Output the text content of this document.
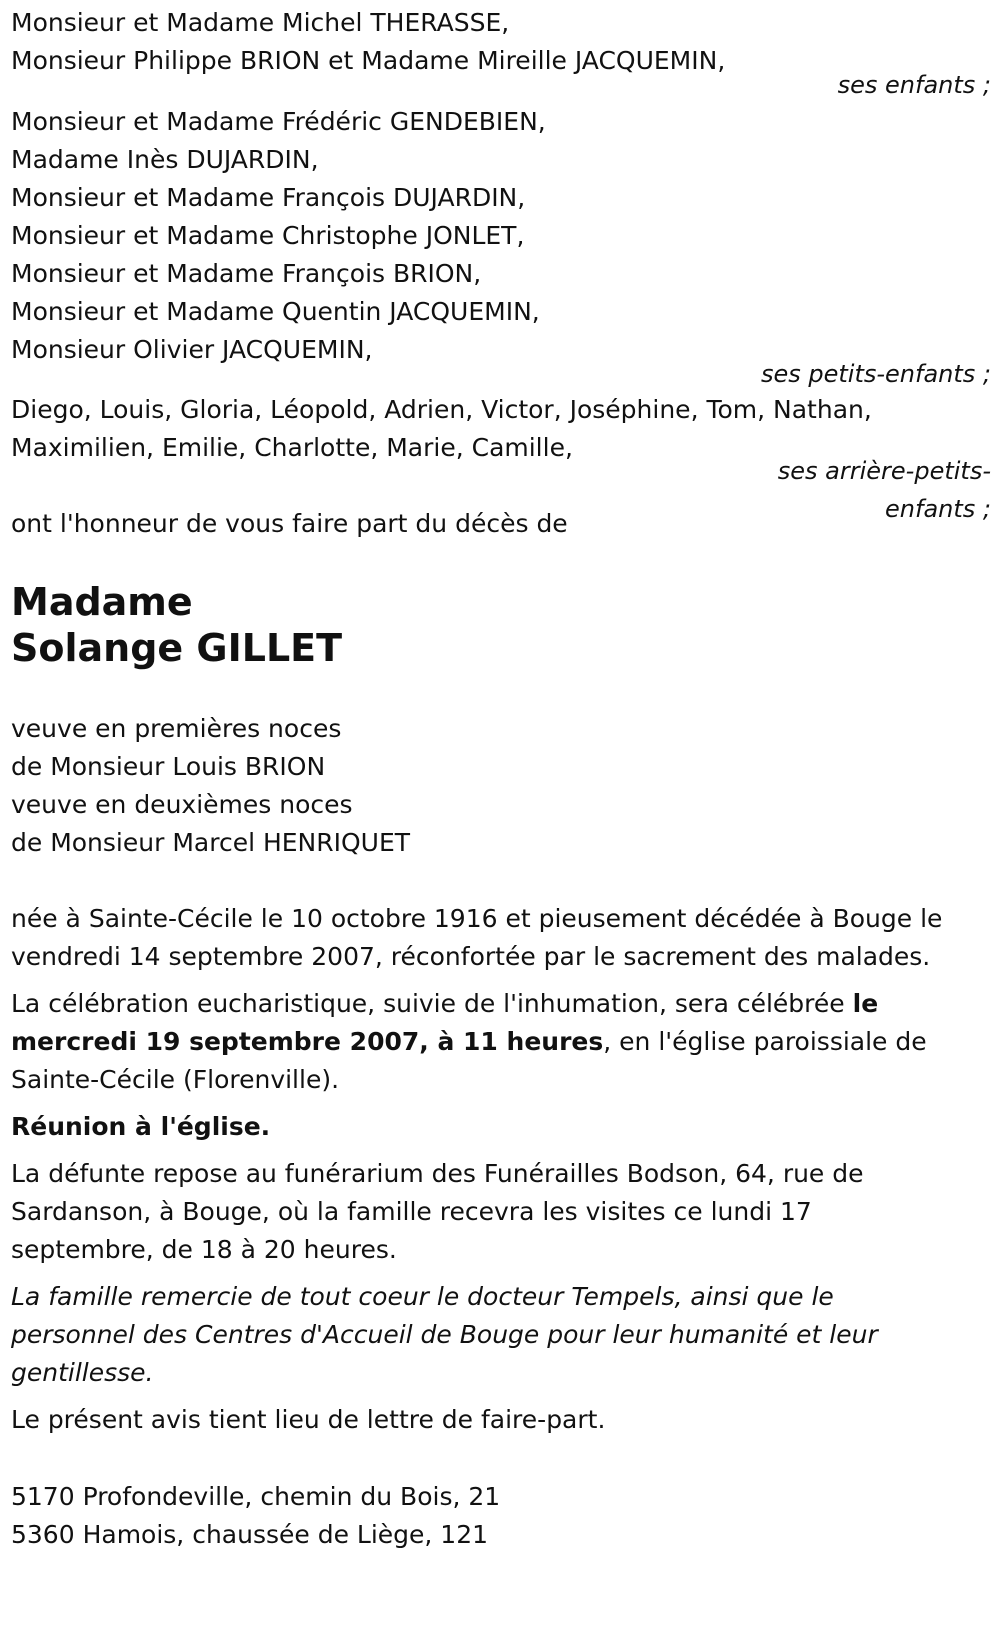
Monsieur et Madame Michel THERASSE,
Monsieur Philippe BRION et Madame Mireille JACQUEMIN,
ses enfants ;
Monsieur et Madame Frédéric GENDEBIEN,
Madame Inès DUJARDIN,
Monsieur et Madame François DUJARDIN,
Monsieur et Madame Christophe JONLET,
Monsieur et Madame François BRION,
Monsieur et Madame Quentin JACQUEMIN,
Monsieur Olivier JACQUEMIN,
ses petits-enfants ;
Diego, Louis, Gloria, Léopold, Adrien, Victor, Joséphine, Tom, Nathan,
Maximilien, Emilie, Charlotte, Marie, Camille,
ses arrière-petits-
enfants ;
ont l'honneur de vous faire part du décès de
Madame
Solange GILLET
veuve en premières noces
de Monsieur Louis BRION
veuve en deuxièmes noces
de Monsieur Marcel HENRIQUET
née à Sainte-Cécile le 10 octobre 1916 et pieusement décédée à Bouge le
vendredi 14 septembre 2007, réconfortée par le sacrement des malades.
La célébration eucharistique, suivie de l'inhumation, sera célébrée le
mercredi 19 septembre 2007, à 11 heures, en l'église paroissiale de
Sainte-Cécile (Florenville).
Réunion à l'église.
La défunte repose au funérarium des Funérailles Bodson, 64, rue de
Sardanson, à Bouge, où la famille recevra les visites ce lundi 17
septembre, de 18 à 20 heures.
La famille remercie de tout coeur le docteur Tempels, ainsi que le
personnel des Centres d'Accueil de Bouge pour leur humanité et leur
gentillesse.
Le présent avis tient lieu de lettre de faire-part.
5170 Profondeville, chemin du Bois, 21
5360 Hamois, chaussée de Liège, 121
